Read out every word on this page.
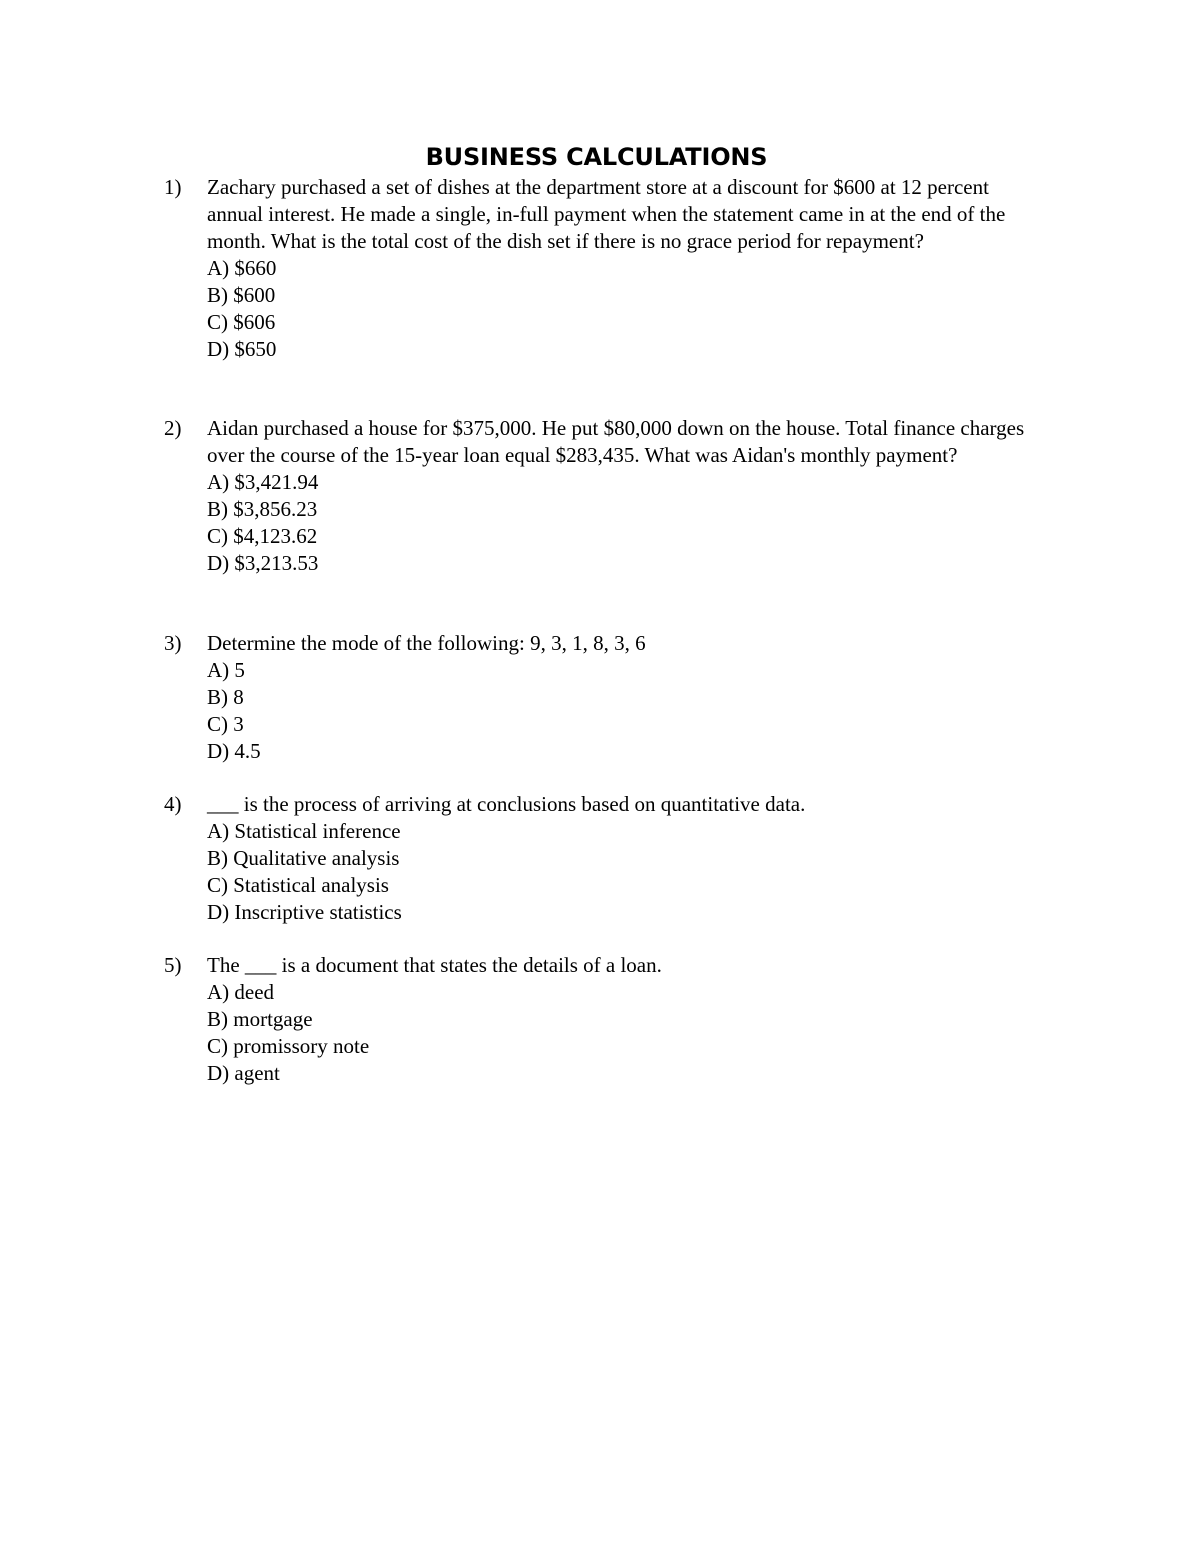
BUSINESS CALCULATIONS
1) Zachary purchased a set of dishes at the department store at a discount for $600 at 12 percent annual interest. He made a single, in-full payment when the statement came in at the end of the month. What is the total cost of the dish set if there is no grace period for repayment?

A) $660
B) $600
C) $606
D) $650
2) Aidan purchased a house for $375,000. He put $80,000 down on the house. Total finance charges over the course of the 15-year loan equal $283,435. What was Aidan's monthly payment?

A) $3,421.94
B) $3,856.23
C) $4,123.62
D) $3,213.53
3) Determine the mode of the following: 9, 3, 1, 8, 3, 6

A) 5
B) 8
C) 3
D) 4.5
4) ___ is the process of arriving at conclusions based on quantitative data.

A) Statistical inference
B) Qualitative analysis
C) Statistical analysis
D) Inscriptive statistics
5) The ___ is a document that states the details of a loan.

A) deed
B) mortgage
C) promissory note
D) agent
